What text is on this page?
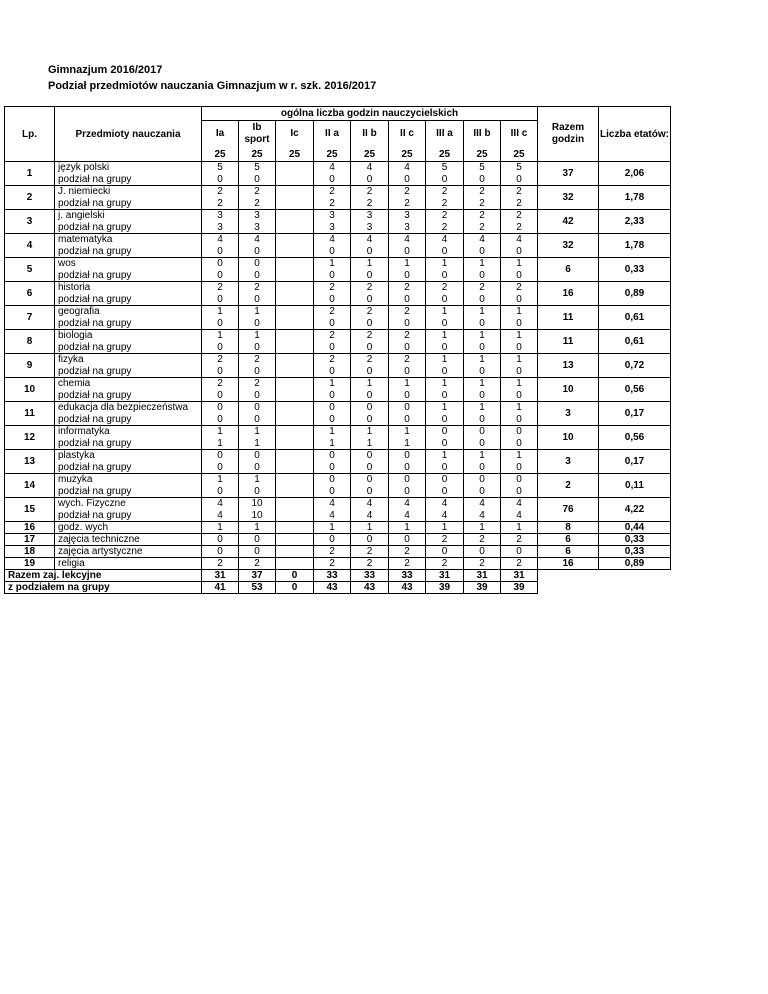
Gimnazjum 2016/2017
Podział przedmiotów nauczania Gimnazjum w r. szk. 2016/2017
Lp.	Przedmioty nauczania	ogólna liczba godzin nauczycielskich									Razem godzin	Liczba etatów:
		Ia	Ib sport	Ic	II a	II b	II c	III a	III b	III c		
		25	25	25	25	25	25	25	25	25		
1	język polski	5	5		4	4	4	5	5	5	37	2,06
	podział na grupy	0	0		0	0	0	0	0	0		
2	J. niemiecki	2	2		2	2	2	2	2	2	32	1,78
	podział na grupy	2	2		2	2	2	2	2	2		
3	j. angielski	3	3		3	3	3	2	2	2	42	2,33
	podział na grupy	3	3		3	3	3	2	2	2		
4	matematyka	4	4		4	4	4	4	4	4	32	1,78
	podział na grupy	0	0		0	0	0	0	0	0		
5	wos	0	0		1	1	1	1	1	1	6	0,33
	podział na grupy	0	0		0	0	0	0	0	0		
6	historia	2	2		2	2	2	2	2	2	16	0,89
	podział na grupy	0	0		0	0	0	0	0	0		
7	geografia	1	1		2	2	2	1	1	1	11	0,61
	podział na grupy	0	0		0	0	0	0	0	0		
8	biologia	1	1		2	2	2	1	1	1	11	0,61
	podział na grupy	0	0		0	0	0	0	0	0		
9	fizyka	2	2		2	2	2	1	1	1	13	0,72
	podział na grupy	0	0		0	0	0	0	0	0		
10	chemia	2	2		1	1	1	1	1	1	10	0,56
	podział na grupy	0	0		0	0	0	0	0	0		
11	edukacja dla bezpieczeństwa	0	0		0	0	0	1	1	1	3	0,17
	podział na grupy	0	0		0	0	0	0	0	0		
12	informatyka	1	1		1	1	1	0	0	0	10	0,56
	podział na grupy	1	1		1	1	1	0	0	0		
13	plastyka	0	0		0	0	0	1	1	1	3	0,17
	podział na grupy	0	0		0	0	0	0	0	0		
14	muzyka	1	1		0	0	0	0	0	0	2	0,11
	podział na grupy	0	0		0	0	0	0	0	0		
15	wych. Fizyczne	4	10		4	4	4	4	4	4	76	4,22
	podział na grupy	4	10		4	4	4	4	4	4		
16	godz. wych	1	1		1	1	1	1	1	1	8	0,44
17	zajęcia techniczne	0	0		0	0	0	2	2	2	6	0,33
18	zajęcia artystyczne	0	0		2	2	2	0	0	0	6	0,33
19	religia	2	2		2	2	2	2	2	2	16	0,89
Razem zaj. lekcyjne		31	37	0	33	33	33	31	31	31		
z podziałem na grupy		41	53	0	43	43	43	39	39	39		
